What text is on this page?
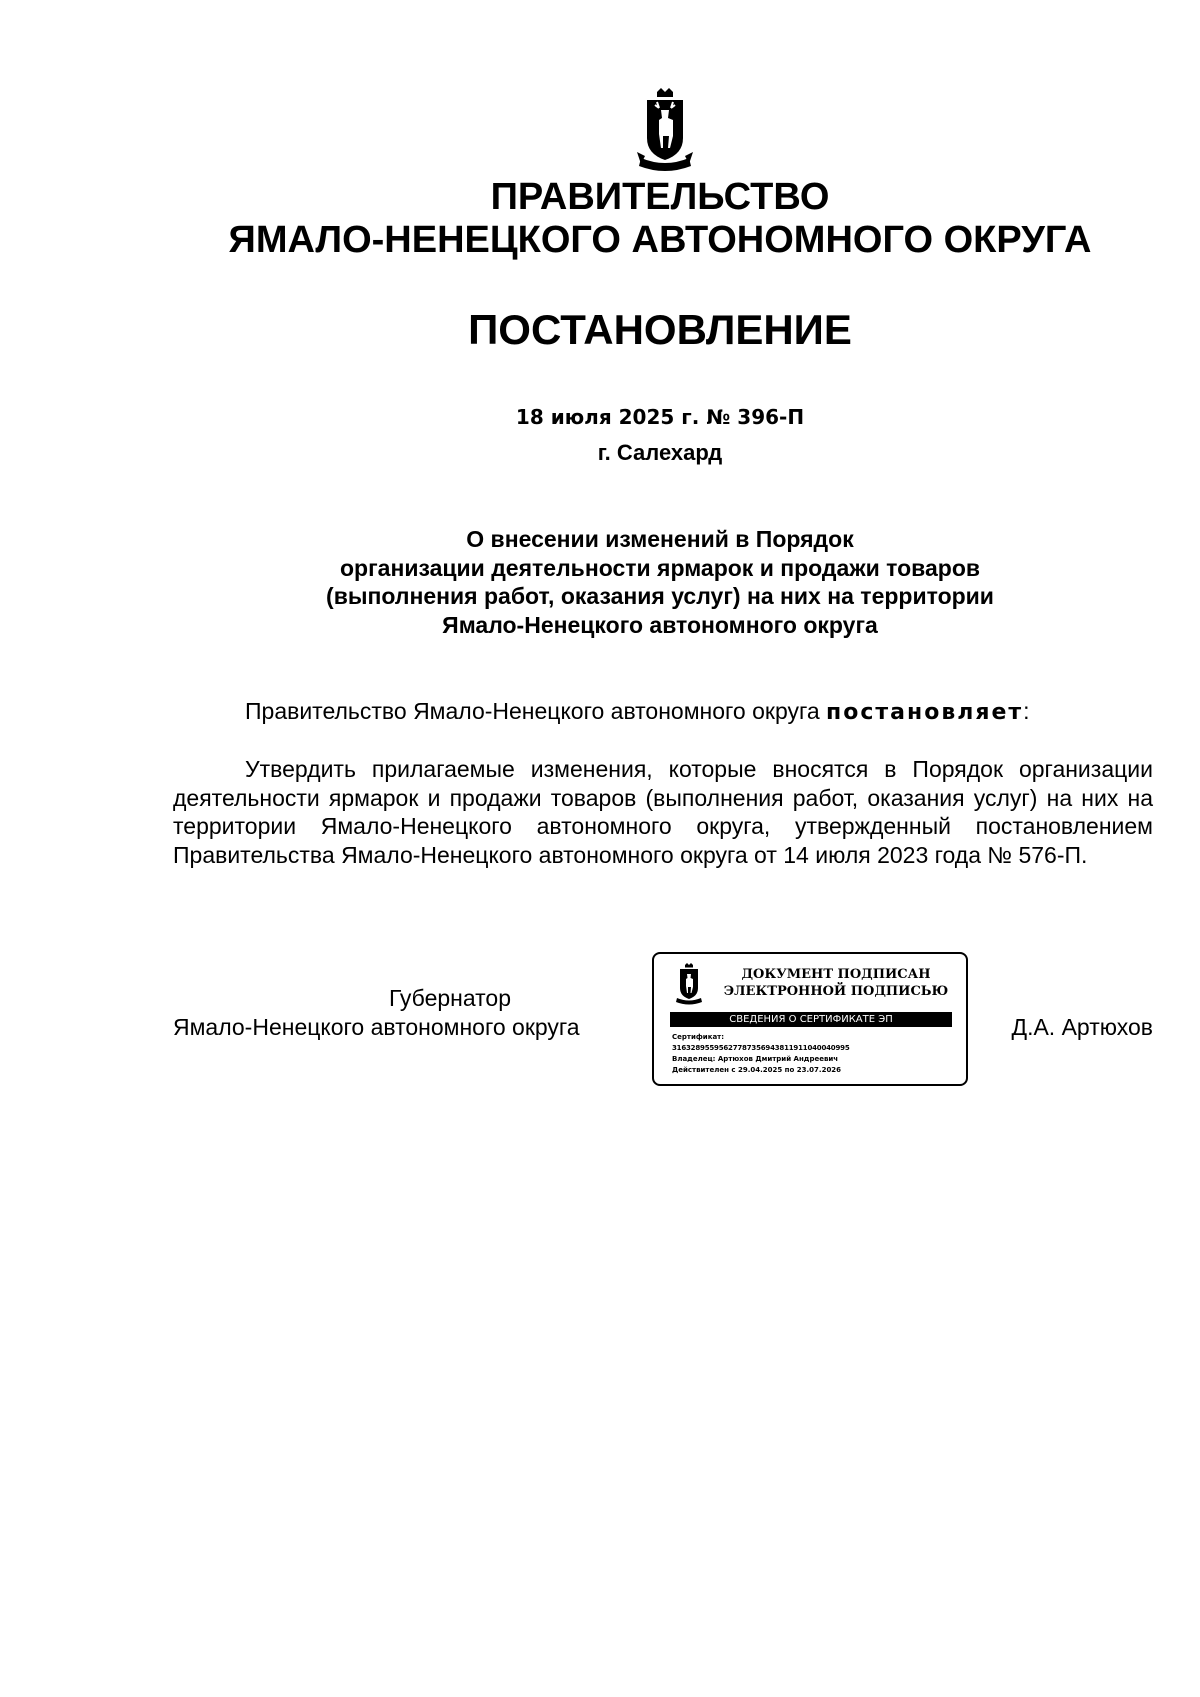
ПРАВИТЕЛЬСТВО
ЯМАЛО-НЕНЕЦКОГО АВТОНОМНОГО ОКРУГА
ПОСТАНОВЛЕНИЕ
18 июля 2025 г. № 396-П
г. Салехард
О внесении изменений в Порядок
организации деятельности ярмарок и продажи товаров
(выполнения работ, оказания услуг) на них на территории
Ямало-Ненецкого автономного округа
Правительство Ямало-Ненецкого автономного округа постановляет:
Утвердить прилагаемые изменения, которые вносятся в Порядок организации деятельности ярмарок и продажи товаров (выполнения работ, оказания услуг) на них на территории Ямало-Ненецкого автономного округа, утвержденный постановлением Правительства Ямало-Ненецкого автономного округа от 14 июля 2023 года № 576-П.
Губернатор
Ямало-Ненецкого автономного округа	Д.А. Артюхов
ДОКУМЕНТ ПОДПИСАН
ЭЛЕКТРОННОЙ ПОДПИСЬЮ
СВЕДЕНИЯ О СЕРТИФИКАТЕ ЭП
Сертификат:
31632895595627787356943811911040040995
Владелец: Артюхов Дмитрий Андреевич
Действителен с 29.04.2025 по 23.07.2026
